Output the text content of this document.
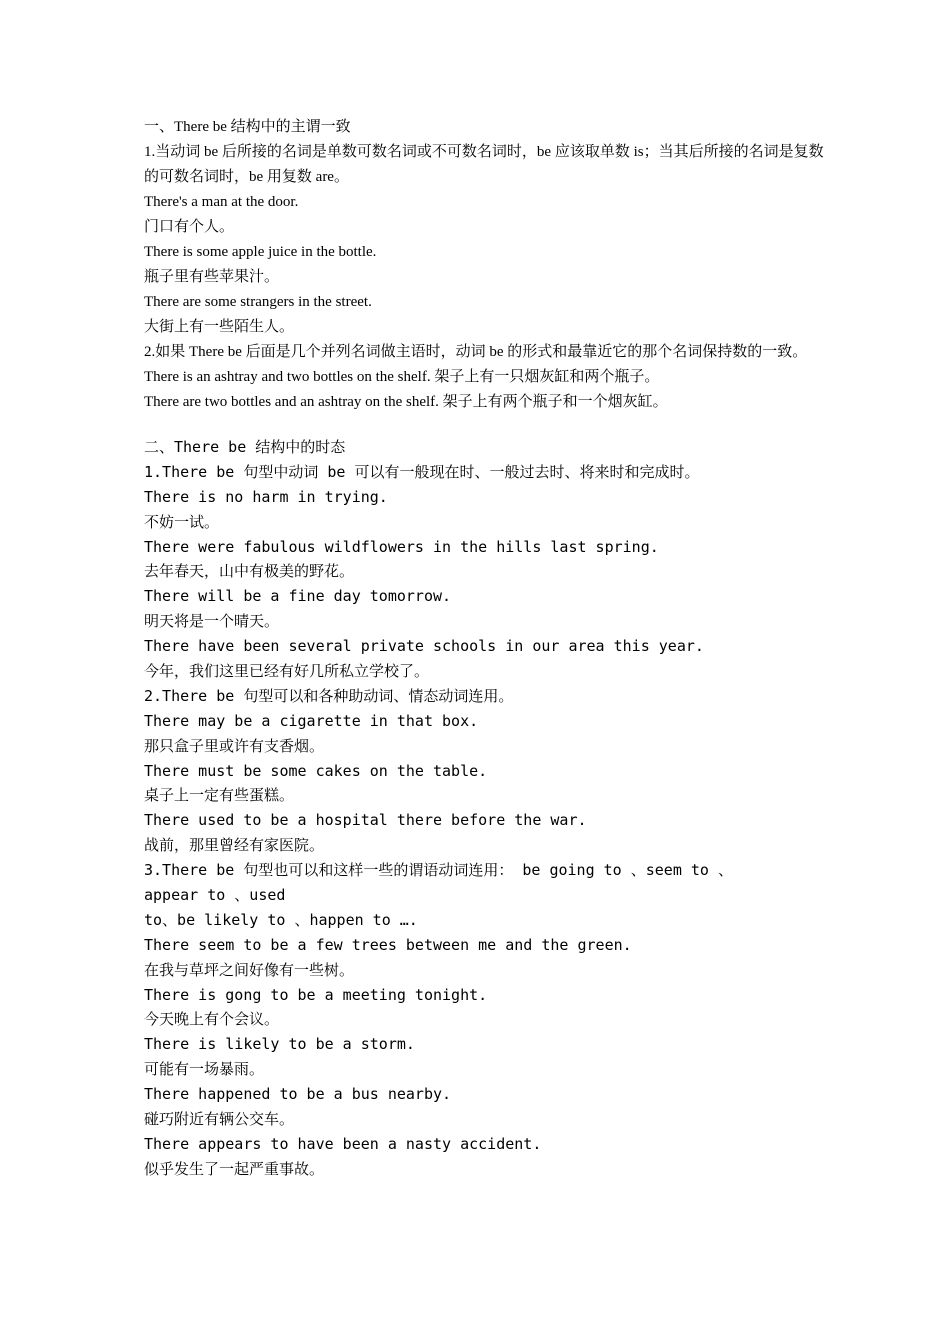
一、There be 结构中的主谓一致
1.当动词 be 后所接的名词是单数可数名词或不可数名词时，be 应该取单数 is；当其后所接的名词是复数的可数名词时，be 用复数 are。
There's a man at the door.
门口有个人。
There is some apple juice in the bottle.
瓶子里有些苹果汁。
There are some strangers in the street.
大街上有一些陌生人。
2.如果 There be 后面是几个并列名词做主语时，动词 be 的形式和最靠近它的那个名词保持数的一致。
There is an ashtray and two bottles on the shelf. 架子上有一只烟灰缸和两个瓶子。
There are two bottles and an ashtray on the shelf. 架子上有两个瓶子和一个烟灰缸。
二、There be 结构中的时态
1.There be 句型中动词 be 可以有一般现在时、一般过去时、将来时和完成时。
There is no harm in trying.
不妨一试。
There were fabulous wildflowers in the hills last spring.
去年春天，山中有极美的野花。
There will be a fine day tomorrow.
明天将是一个晴天。
There have been several private schools in our area this year.
今年，我们这里已经有好几所私立学校了。
2.There be 句型可以和各种助动词、情态动词连用。
There may be a cigarette in that box.
那只盒子里或许有支香烟。
There must be some cakes on the table.
桌子上一定有些蛋糕。
There used to be a hospital there before the war.
战前，那里曾经有家医院。
3.There be 句型也可以和这样一些的谓语动词连用： be going to 、seem to 、
appear to 、used
to、be likely to 、happen to ….
There seem to be a few trees between me and the green.
在我与草坪之间好像有一些树。
There is gong to be a meeting tonight.
今天晚上有个会议。
There is likely to be a storm.
可能有一场暴雨。
There happened to be a bus nearby.
碰巧附近有辆公交车。
There appears to have been a nasty accident.
似乎发生了一起严重事故。
